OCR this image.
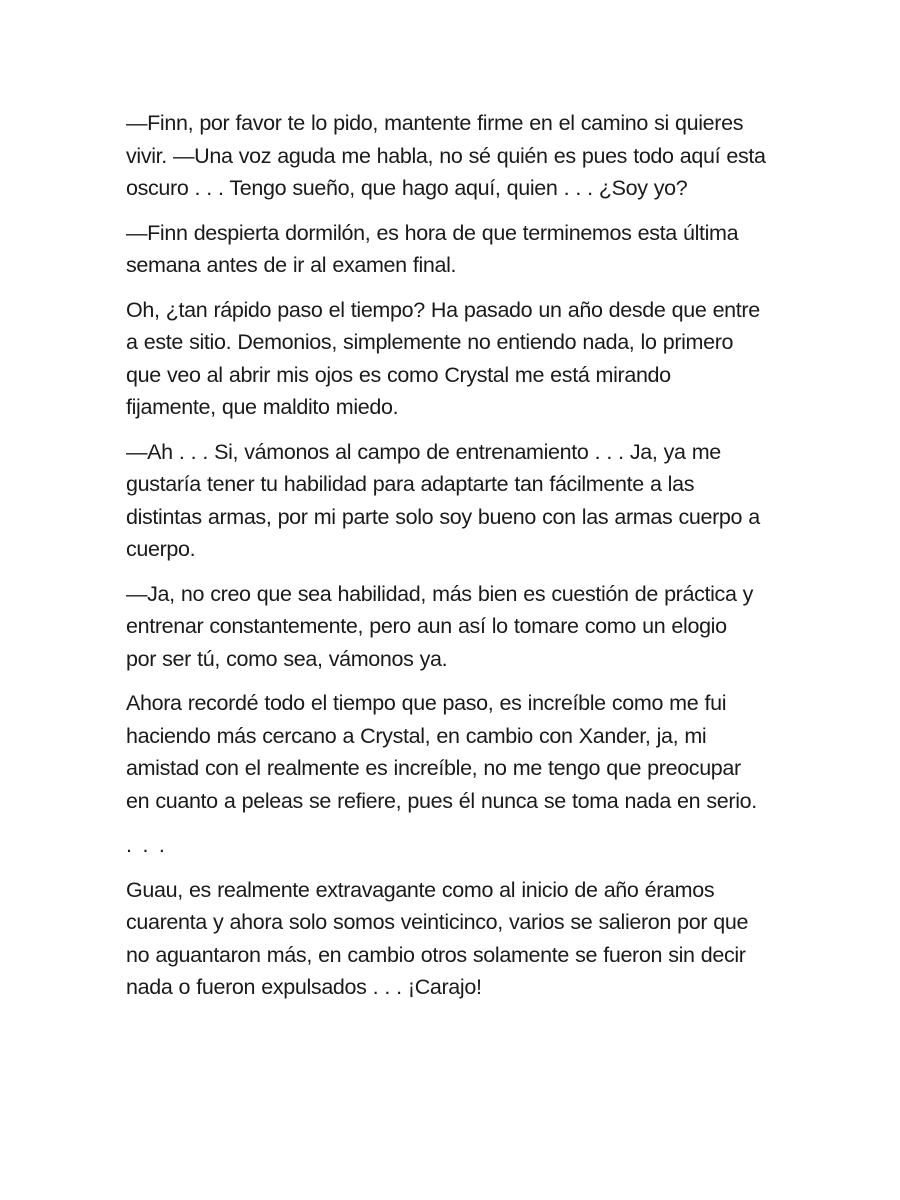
—Finn, por favor te lo pido, mantente firme en el camino si quieres
vivir. —Una voz aguda me habla, no sé quién es pues todo aquí esta
oscuro . . . Tengo sueño, que hago aquí, quien . . . ¿Soy yo?

—Finn despierta dormilón, es hora de que terminemos esta última
semana antes de ir al examen final.

Oh, ¿tan rápido paso el tiempo? Ha pasado un año desde que entre
a este sitio. Demonios, simplemente no entiendo nada, lo primero
que veo al abrir mis ojos es como Crystal me está mirando
fijamente, que maldito miedo.

—Ah . . . Si, vámonos al campo de entrenamiento . . . Ja, ya me
gustaría tener tu habilidad para adaptarte tan fácilmente a las
distintas armas, por mi parte solo soy bueno con las armas cuerpo a
cuerpo.

—Ja, no creo que sea habilidad, más bien es cuestión de práctica y
entrenar constantemente, pero aun así lo tomare como un elogio
por ser tú, como sea, vámonos ya.

Ahora recordé todo el tiempo que paso, es increíble como me fui
haciendo más cercano a Crystal, en cambio con Xander, ja, mi
amistad con el realmente es increíble, no me tengo que preocupar
en cuanto a peleas se refiere, pues él nunca se toma nada en serio.

. . .

Guau, es realmente extravagante como al inicio de año éramos
cuarenta y ahora solo somos veinticinco, varios se salieron por que
no aguantaron más, en cambio otros solamente se fueron sin decir
nada o fueron expulsados . . . ¡Carajo!
